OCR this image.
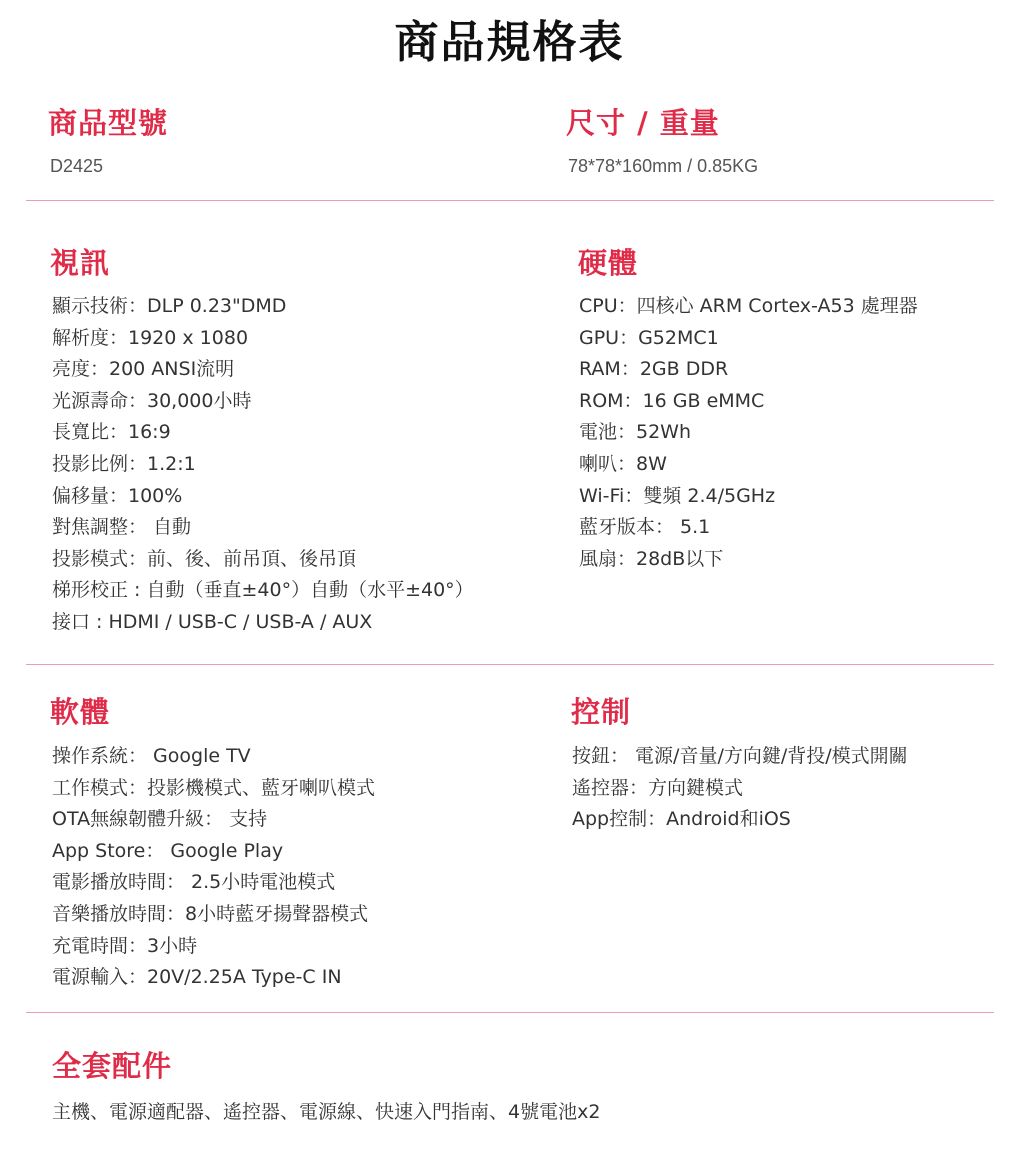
商品規格表
商品型號
D2425
尺寸 / 重量
78*78*160mm / 0.85KG
視訊
顯示技術：DLP 0.23"DMD
解析度：1920 x 1080
亮度：200 ANSI流明
光源壽命：30,000小時
長寬比：16:9
投影比例：1.2:1
偏移量：100%
對焦調整： 自動
投影模式：前、後、前吊頂、後吊頂
梯形校正 : 自動（垂直±40°）自動（水平±40°）
接口 : HDMI / USB-C / USB-A / AUX
硬體
CPU：四核心 ARM Cortex-A53 處理器
GPU：G52MC1
RAM：2GB DDR
ROM：16 GB eMMC
電池：52Wh
喇叭：8W
Wi-Fi：雙頻 2.4/5GHz
藍牙版本： 5.1
風扇：28dB以下
軟體
操作系統： Google TV
工作模式：投影機模式、藍牙喇叭模式
OTA無線韌體升級： 支持
App Store： Google Play
電影播放時間： 2.5小時電池模式
音樂播放時間：8小時藍牙揚聲器模式
充電時間：3小時
電源輸入：20V/2.25A Type-C IN
控制
按鈕： 電源/音量/方向鍵/背投/模式開關
遙控器：方向鍵模式
App控制：Android和iOS
全套配件
主機、電源適配器、遙控器、電源線、快速入門指南、4號電池x2
